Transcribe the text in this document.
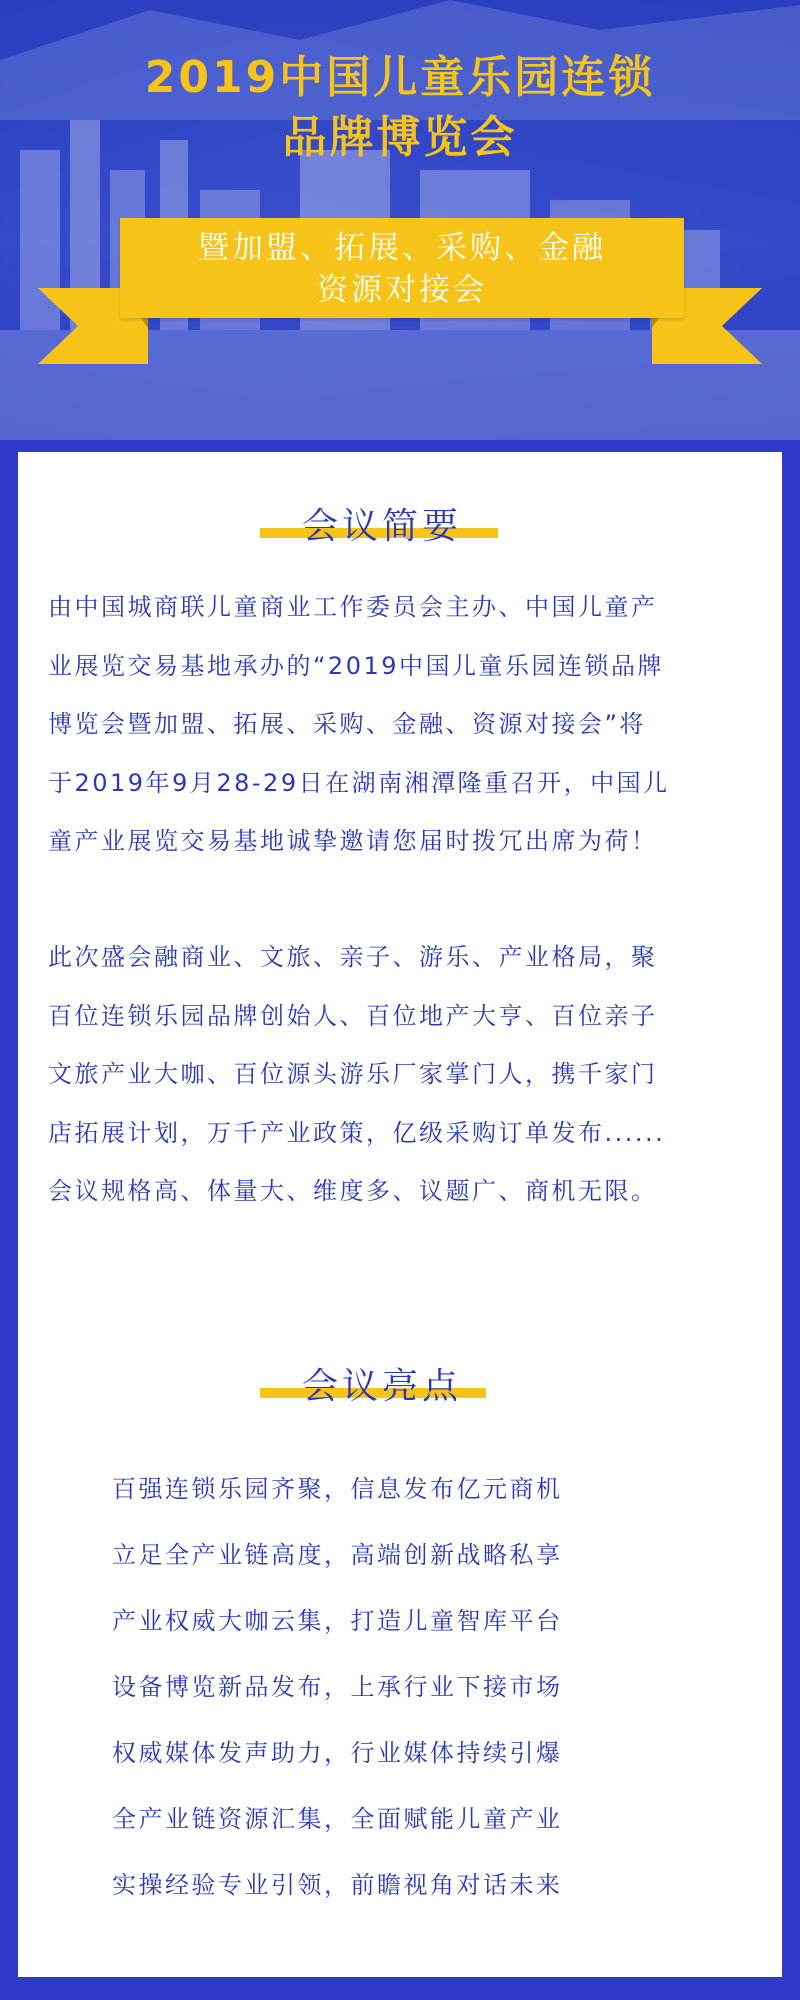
2019中国儿童乐园连锁
品牌博览会
暨加盟、拓展、采购、金融
资源对接会
会议简要

由中国城商联儿童商业工作委员会主办、中国儿童产

业展览交易基地承办的“2019中国儿童乐园连锁品牌

博览会暨加盟、拓展、采购、金融、资源对接会”将

于2019年9月28-29日在湖南湘潭隆重召开，中国儿

童产业展览交易基地诚挚邀请您届时拨冗出席为荷！

此次盛会融商业、文旅、亲子、游乐、产业格局，聚

百位连锁乐园品牌创始人、百位地产大亨、百位亲子

文旅产业大咖、百位源头游乐厂家掌门人，携千家门

店拓展计划，万千产业政策，亿级采购订单发布......

会议规格高、体量大、维度多、议题广、商机无限。

会议亮点
百强连锁乐园齐聚，信息发布亿元商机
立足全产业链高度，高端创新战略私享
产业权威大咖云集，打造儿童智库平台
设备博览新品发布，上承行业下接市场
权威媒体发声助力，行业媒体持续引爆
全产业链资源汇集，全面赋能儿童产业
实操经验专业引领，前瞻视角对话未来
